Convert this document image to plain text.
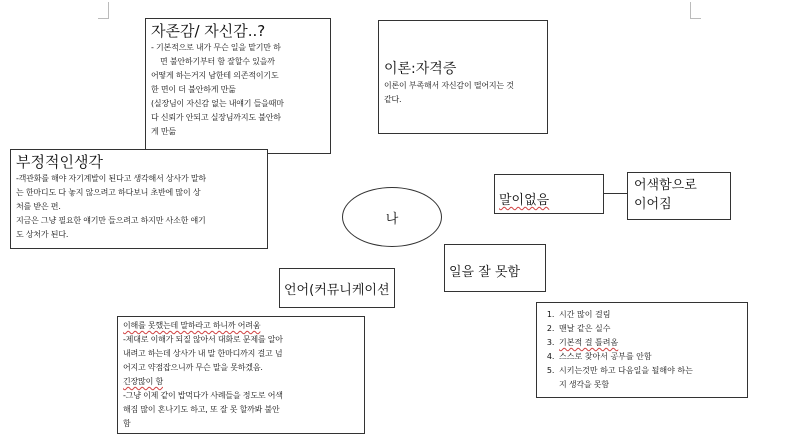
자존감/ 자신감..?
- 기본적으로 내가 무슨 일을 맡기만 하
면 불안하기부터 함 잘할수 있을까
어떻게 하는거지 남한테 의존적이기도
한 면이 더 불안하게 만듦
(실장님이 자신감 없는 내얘기 들을때마
다 신뢰가 안되고 실장님까지도 불안하
게 만듦
이론:자격증
이론이 부족해서 자신감이 떨어지는 것
같다.
부정적인생각
-객관화를 해야 자기계발이 된다고 생각해서 상사가 말하
는 한마디도 다 놓지 않으려고 하다보니 초반에 많이 상
처를 받은 편.
지금은 그냥 필요한 얘기만 들으려고 하지만 사소한 얘기
도 상처가 된다.
나
말이없음
어색함으로
이어짐
일을 잘 못함
언어(커뮤니케이션
이해를 못했는데 말하라고 하니까 어려움
-제대로 이해가 되질 않아서 대화로 문제를 알아
내려고 하는데 상사가 내 말 한마디까지 걸고 넘
어지고 약점잡으니까 무슨 말을 못하겠음.
긴장많이 함
-그냥 이제 같이 밥먹다가 사례들을 정도로 어색
해짐 많이 혼나기도 하고, 또 잘 못 할까봐 불안
함
1. 시간 많이 걸림
2. 맨날 같은 실수
3. 기본적 걸 틀려옴
4. 스스로 찾아서 공부를 안함
5. 시키는것만 하고 다음일을 될해야 하는
지 생각을 못함
